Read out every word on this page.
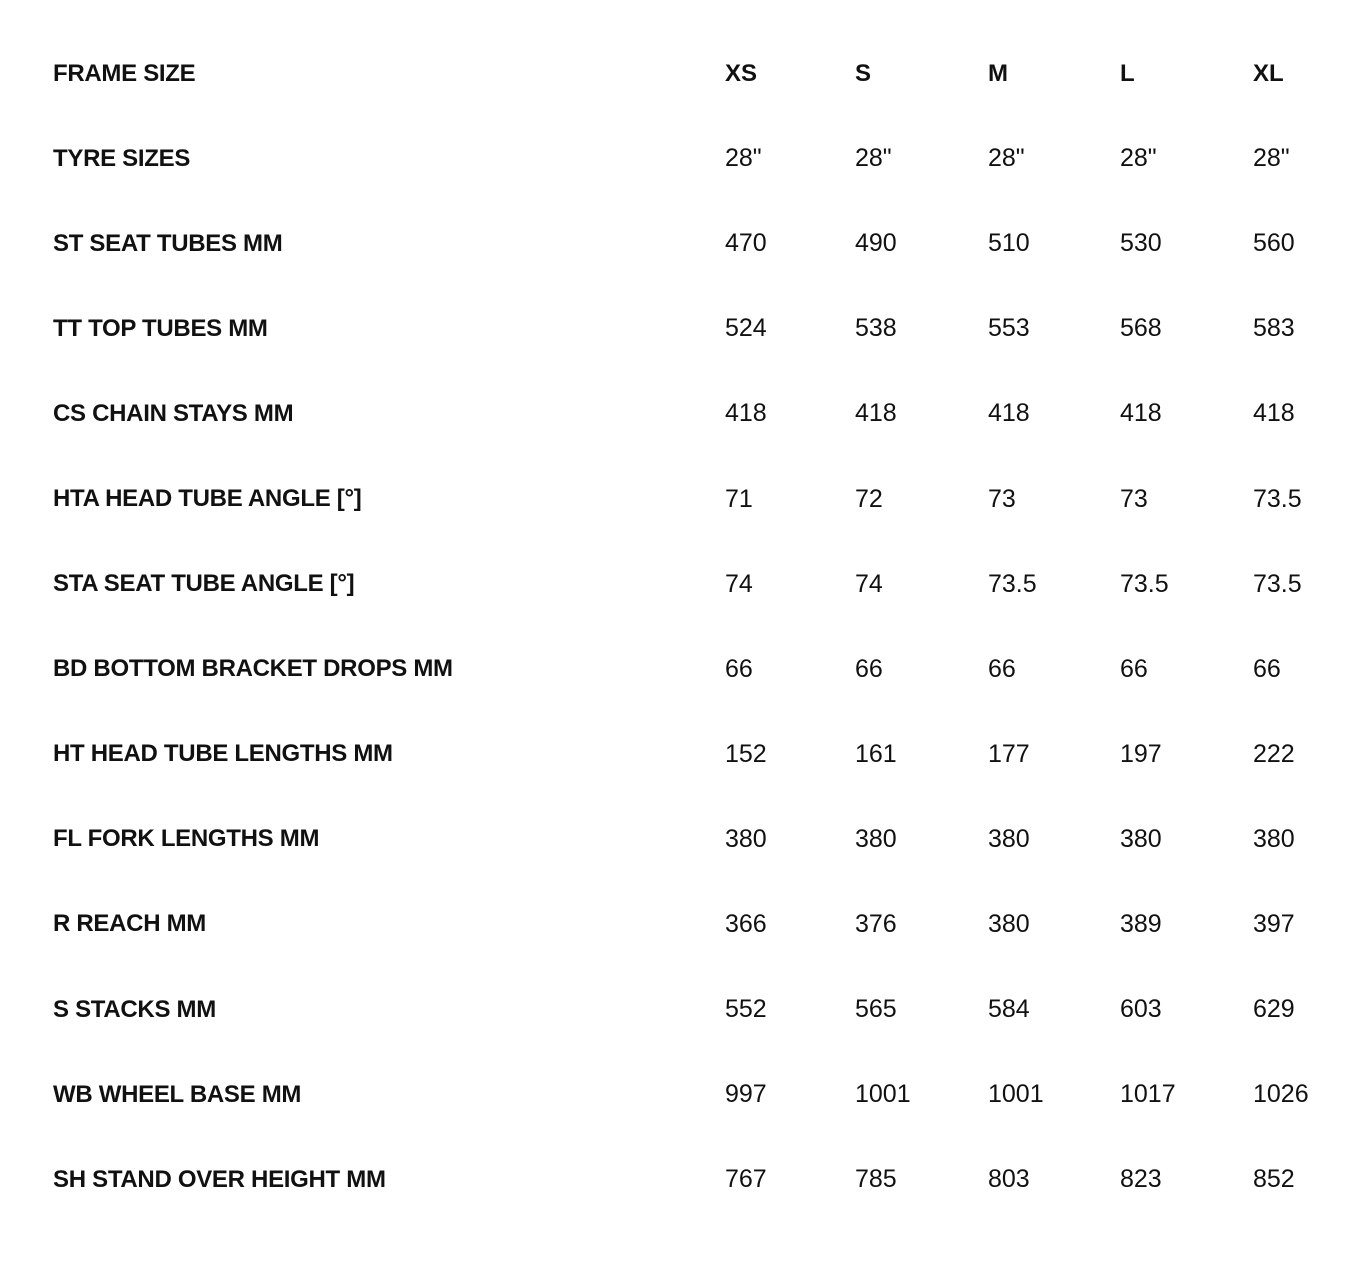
FRAME SIZE	XS	S	M	L	XL
TYRE SIZES	28"	28"	28"	28"	28"
ST SEAT TUBES MM	470	490	510	530	560
TT TOP TUBES MM	524	538	553	568	583
CS CHAIN STAYS MM	418	418	418	418	418
HTA HEAD TUBE ANGLE [°]	71	72	73	73	73.5
STA SEAT TUBE ANGLE [°]	74	74	73.5	73.5	73.5
BD BOTTOM BRACKET DROPS MM	66	66	66	66	66
HT HEAD TUBE LENGTHS MM	152	161	177	197	222
FL FORK LENGTHS MM	380	380	380	380	380
R REACH MM	366	376	380	389	397
S STACKS MM	552	565	584	603	629
WB WHEEL BASE MM	997	1001	1001	1017	1026
SH STAND OVER HEIGHT MM	767	785	803	823	852
